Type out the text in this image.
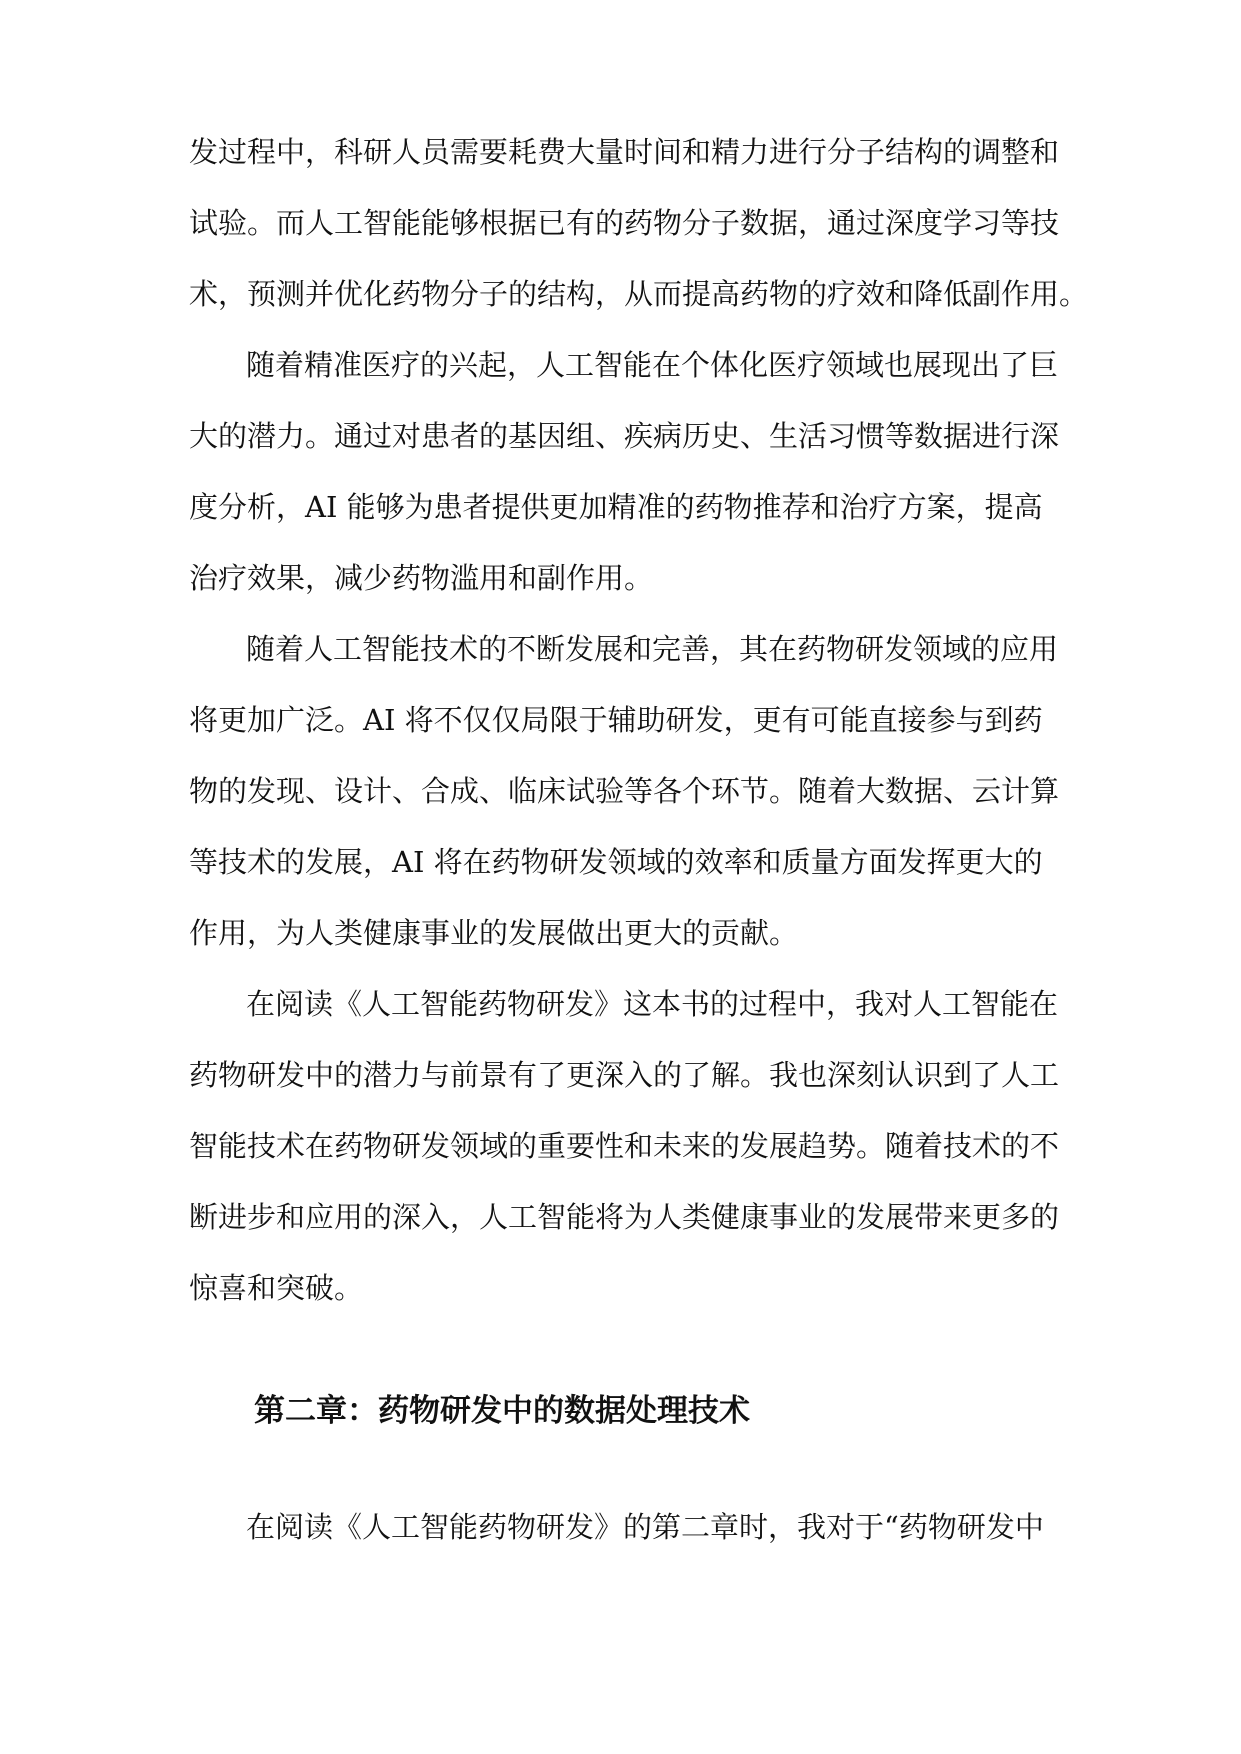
发过程中，科研人员需要耗费大量时间和精力进行分子结构的调整和
试验。而人工智能能够根据已有的药物分子数据，通过深度学习等技
术，预测并优化药物分子的结构，从而提高药物的疗效和降低副作用。
随着精准医疗的兴起，人工智能在个体化医疗领域也展现出了巨
大的潜力。通过对患者的基因组、疾病历史、生活习惯等数据进行深
度分析，AI 能够为患者提供更加精准的药物推荐和治疗方案，提高
治疗效果，减少药物滥用和副作用。
随着人工智能技术的不断发展和完善，其在药物研发领域的应用
将更加广泛。AI 将不仅仅局限于辅助研发，更有可能直接参与到药
物的发现、设计、合成、临床试验等各个环节。随着大数据、云计算
等技术的发展，AI 将在药物研发领域的效率和质量方面发挥更大的
作用，为人类健康事业的发展做出更大的贡献。
在阅读《人工智能药物研发》这本书的过程中，我对人工智能在
药物研发中的潜力与前景有了更深入的了解。我也深刻认识到了人工
智能技术在药物研发领域的重要性和未来的发展趋势。随着技术的不
断进步和应用的深入，人工智能将为人类健康事业的发展带来更多的
惊喜和突破。
第二章：药物研发中的数据处理技术
在阅读《人工智能药物研发》的第二章时，我对于“药物研发中
